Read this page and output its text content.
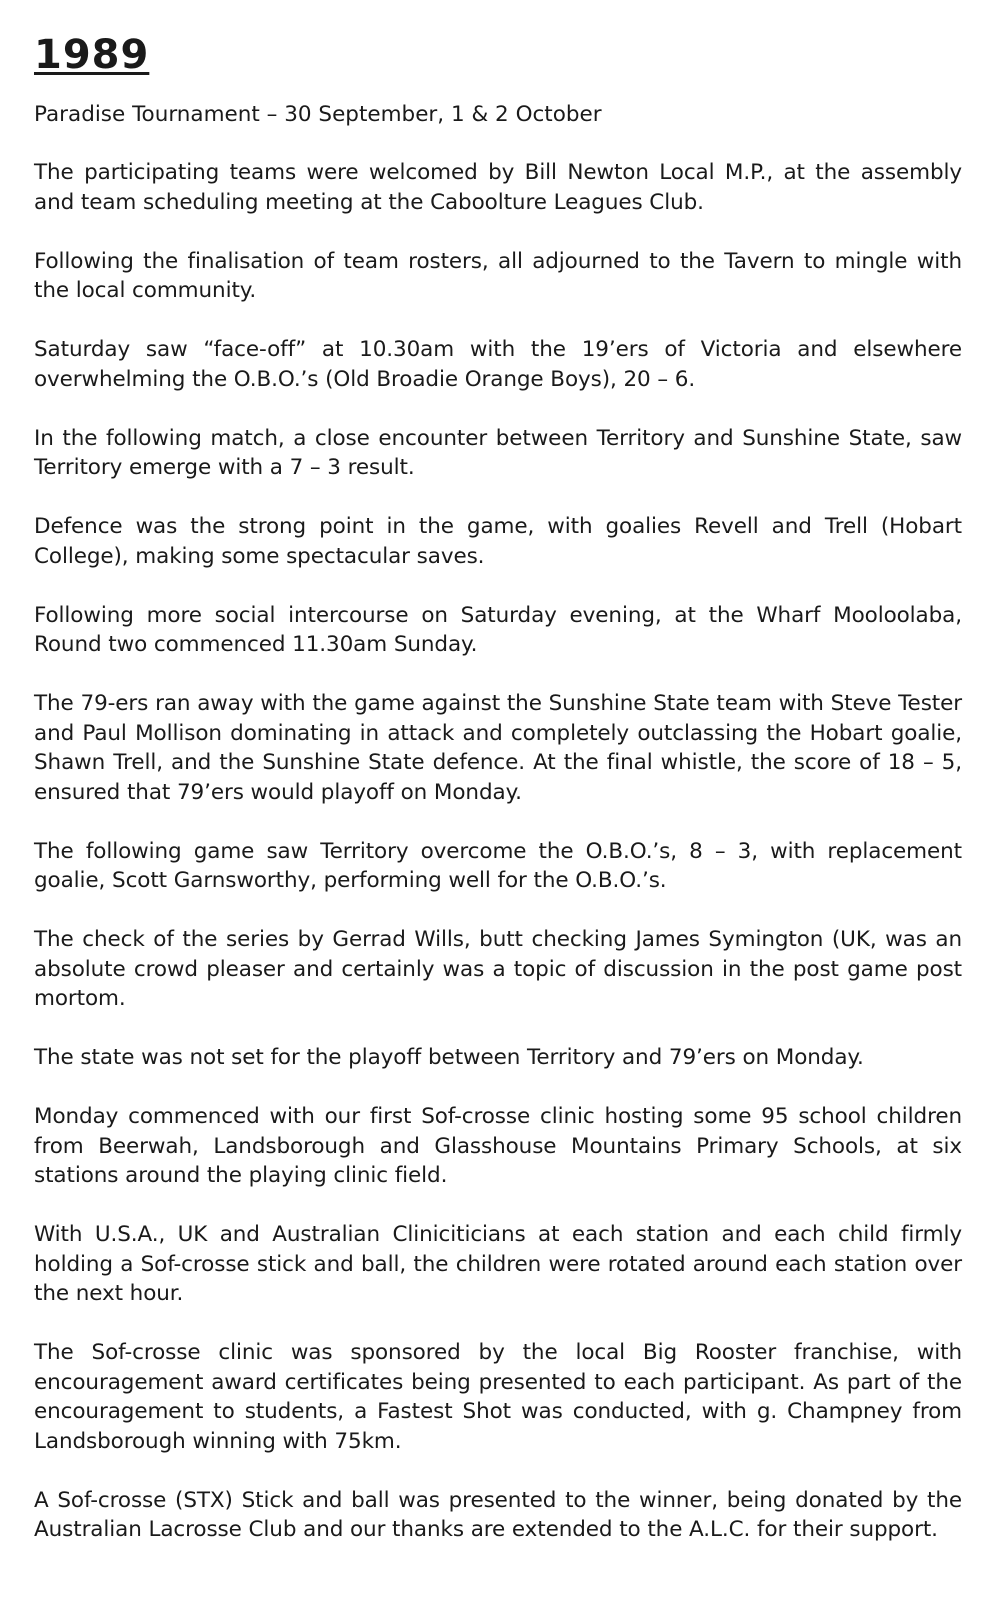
1989
Paradise Tournament – 30 September, 1 & 2 October
The participating teams were welcomed by Bill Newton Local M.P., at the assembly and team scheduling meeting at the Caboolture Leagues Club.
Following the finalisation of team rosters, all adjourned to the Tavern to mingle with the local community.
Saturday saw “face-off” at 10.30am with the 19’ers of Victoria and elsewhere overwhelming the O.B.O.’s (Old Broadie Orange Boys), 20 – 6.
In the following match, a close encounter between Territory and Sunshine State, saw Territory emerge with a 7 – 3 result.
Defence was the strong point in the game, with goalies Revell and Trell (Hobart College), making some spectacular saves.
Following more social intercourse on Saturday evening, at the Wharf Mooloolaba, Round two commenced 11.30am Sunday.
The 79-ers ran away with the game against the Sunshine State team with Steve Tester and Paul Mollison dominating in attack and completely outclassing the Hobart goalie, Shawn Trell, and the Sunshine State defence. At the final whistle, the score of 18 – 5, ensured that 79’ers would playoff on Monday.
The following game saw Territory overcome the O.B.O.’s, 8 – 3, with replacement goalie, Scott Garnsworthy, performing well for the O.B.O.’s.
The check of the series by Gerrad Wills, butt checking James Symington (UK, was an absolute crowd pleaser and certainly was a topic of discussion in the post game post mortom.
The state was not set for the playoff between Territory and 79’ers on Monday.
Monday commenced with our first Sof-crosse clinic hosting some 95 school children from Beerwah, Landsborough and Glasshouse Mountains Primary Schools, at six stations around the playing clinic field.
With U.S.A., UK and Australian Clinicitician​s at each station and each child firmly holding a Sof-crosse stick and ball, the children were rotated around each station over the next hour.
The Sof-crosse clinic was sponsored by the local Big Rooster franchise, with encouragement award certificates being presented to each participant. As part of the encouragement to students, a Fastest Shot was conducted, with g. Champney from Landsborough winning with 75km.
A Sof-crosse (STX) Stick and ball was presented to the winner, being donated by the Australian Lacrosse Club and our thanks are extended to the A.L.C. for their support.
